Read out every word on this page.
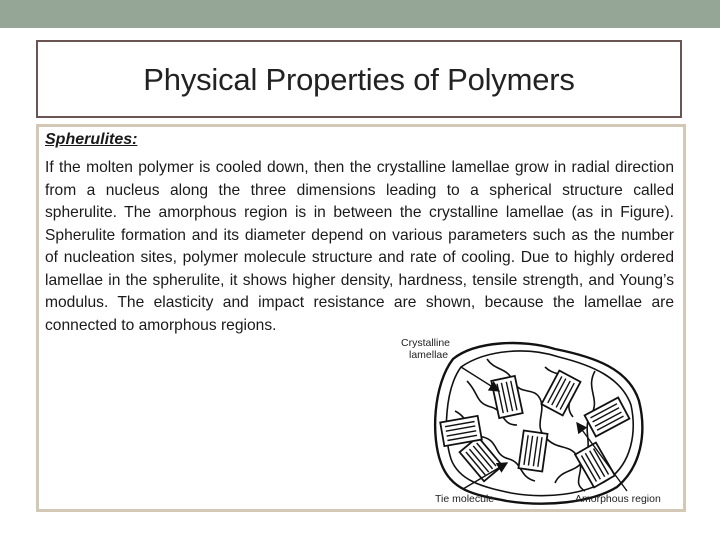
Physical Properties of Polymers
Spherulites:

If the molten polymer is cooled down, then the crystalline lamellae grow in radial direction from a nucleus along the three dimensions leading to a spherical structure called spherulite. The amorphous region is in between the crystalline lamellae (as in Figure). Spherulite formation and its diameter depend on various parameters such as the number of nucleation sites, polymer molecule structure and rate of cooling. Due to highly ordered lamellae in the spherulite, it shows higher density, hardness, tensile strength, and Young’s modulus. The elasticity and impact resistance are shown, because the lamellae are connected to amorphous regions.

Crystalline
lamellae
Tie molecule	Amorphous region
